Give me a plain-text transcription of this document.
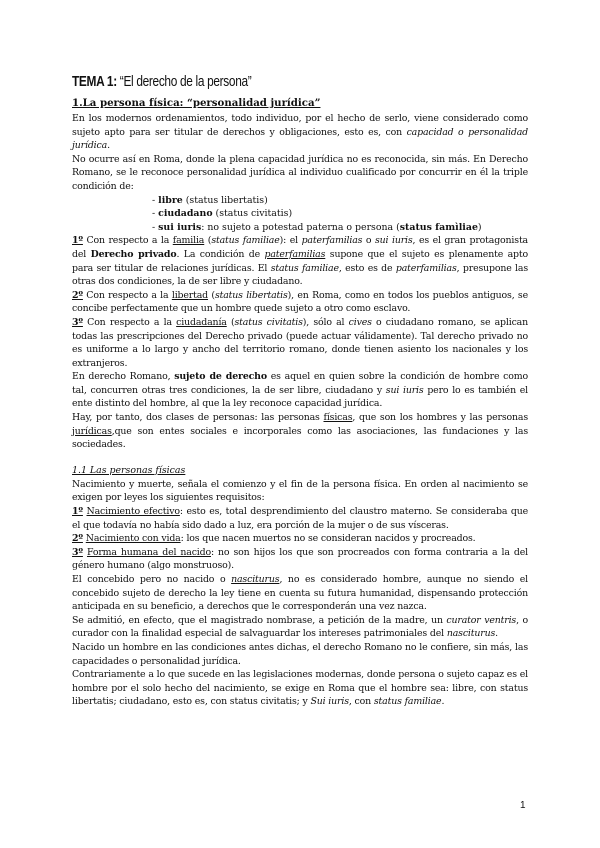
TEMA 1: “El derecho de la persona”
1.La persona física: “personalidad jurídica”

En los modernos ordenamientos, todo individuo, por el hecho de serlo, viene considerado como sujeto apto para ser titular de derechos y obligaciones, esto es, con capacidad o personalidad jurídica.

No ocurre así en Roma, donde la plena capacidad jurídica no es reconocida, sin más. En Derecho Romano, se le reconoce personalidad jurídica al individuo cualificado por concurrir en él la triple condición de:

- libre (status libertatis)
- ciudadano (status civitatis)
- sui iuris: no sujeto a potestad paterna o persona (status famìliae)

1º Con respecto a la familia (status familiae): el paterfamilias o sui iuris, es el gran protagonista del Derecho privado. La condición de paterfamilias supone que el sujeto es plenamente apto para ser titular de relaciones jurídicas. El status familiae, esto es de paterfamilias, presupone las otras dos condiciones, la de ser libre y ciudadano.

2º Con respecto a la libertad (status libertatis), en Roma, como en todos los pueblos antiguos, se concibe perfectamente que un hombre quede sujeto a otro como esclavo.

3º Con respecto a la ciudadanía (status civitatis), sólo al cives o ciudadano romano, se aplican todas las prescripciones del Derecho privado (puede actuar válidamente). Tal derecho privado no es uniforme a lo largo y ancho del territorio romano, donde tienen asiento los nacionales y los extranjeros.

En derecho Romano, sujeto de derecho es aquel en quien sobre la condición de hombre como tal, concurren otras tres condiciones, la de ser libre, ciudadano y sui iuris pero lo es también el ente distinto del hombre, al que la ley reconoce capacidad jurídica.

Hay, por tanto, dos clases de personas: las personas físicas, que son los hombres y las personas jurídicas,que son entes sociales e incorporales como las asociaciones, las fundaciones y las sociedades.

1.1 Las personas físicas

Nacimiento y muerte, señala el comienzo y el fin de la persona física. En orden al nacimiento se exigen por leyes los siguientes requisitos:

1º Nacimiento efectivo: esto es, total desprendimiento del claustro materno. Se consideraba que el que todavía no había sido dado a luz, era porción de la mujer o de sus vísceras.

2º Nacimiento con vida: los que nacen muertos no se consideran nacidos y procreados.

3º Forma humana del nacido: no son hijos los que son procreados con forma contraria a la del género humano (algo monstruoso).

El concebido pero no nacido o nasciturus, no es considerado hombre, aunque no siendo el concebido sujeto de derecho la ley tiene en cuenta su futura humanidad, dispensando protección anticipada en su beneficio, a derechos que le corresponderán una vez nazca.

Se admitió, en efecto, que el magistrado nombrase, a petición de la madre, un curator ventris, o curador con la finalidad especial de salvaguardar los intereses patrimoniales del nasciturus.

Nacido un hombre en las condiciones antes dichas, el derecho Romano no le confiere, sin más, las capacidades o personalidad jurídica.

Contrariamente a lo que sucede en las legislaciones modernas, donde persona o sujeto capaz es el hombre por el solo hecho del nacimiento, se exige en Roma que el hombre sea: libre, con status libertatis; ciudadano, esto es, con status civitatis; y Sui iuris, con status familiae.

1
